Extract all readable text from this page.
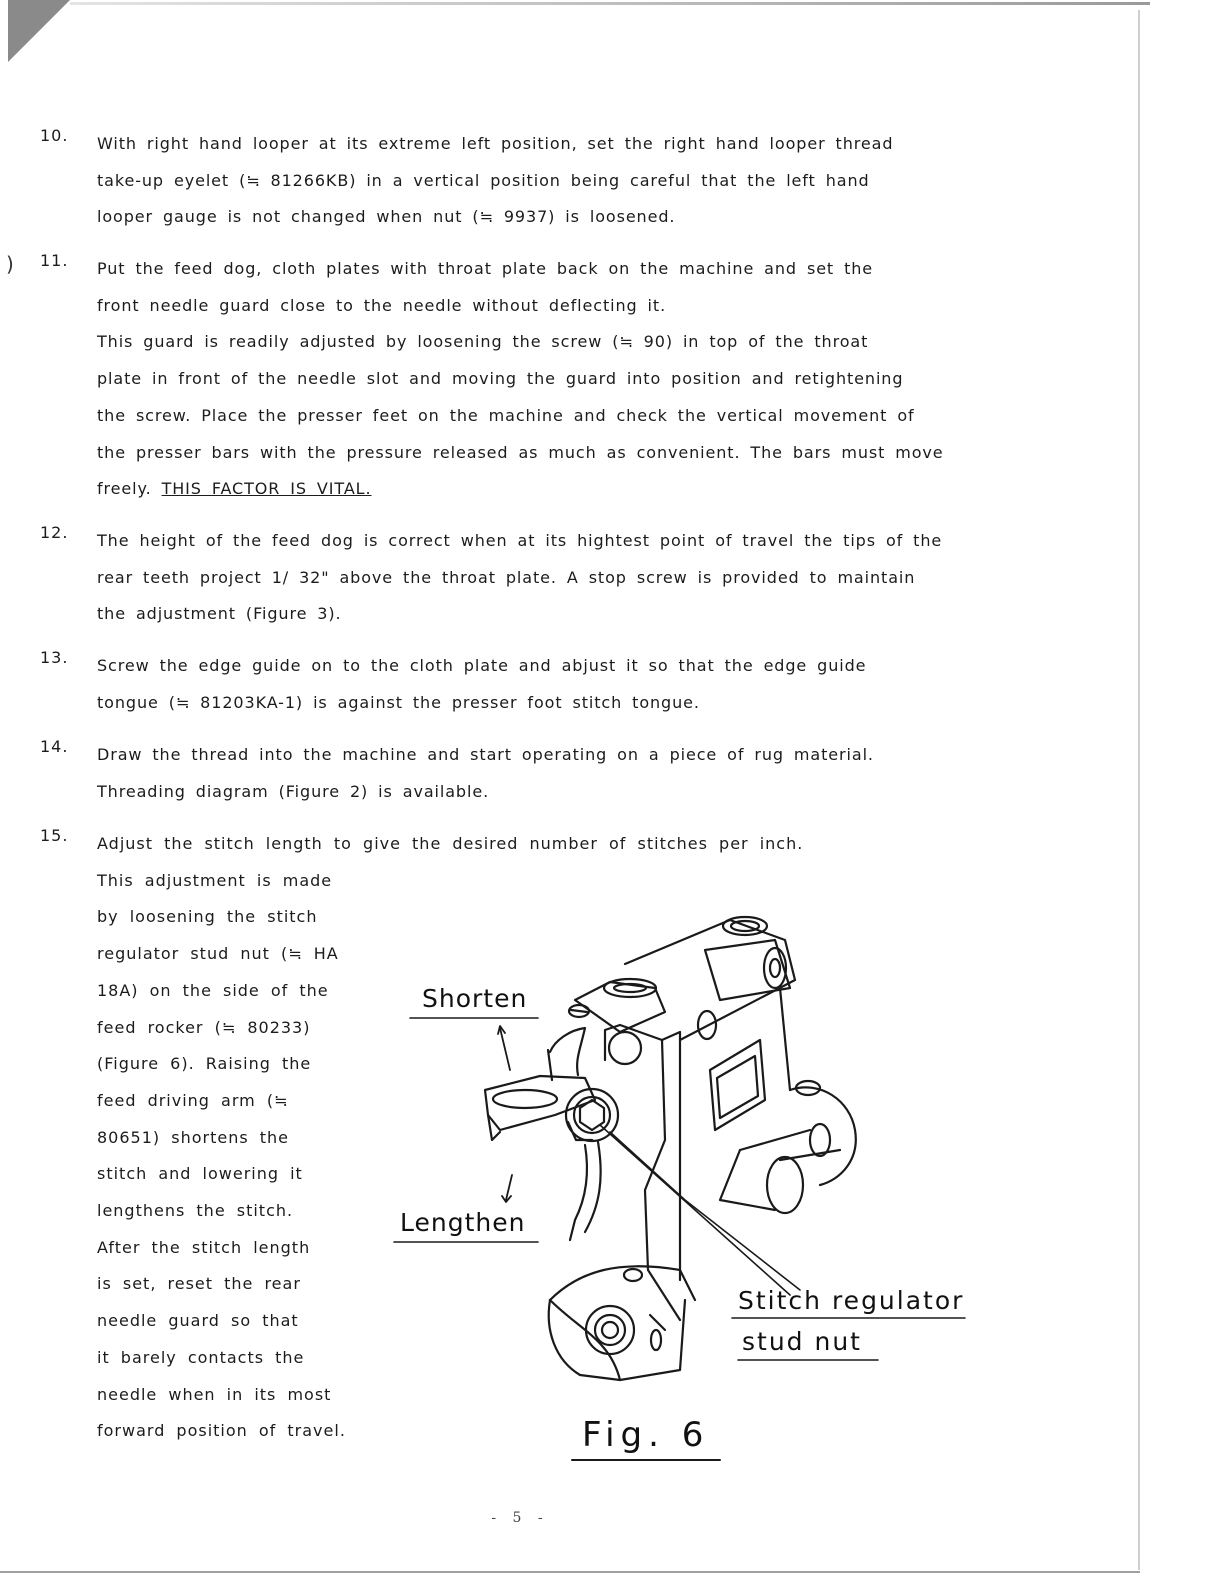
)
10.	With right hand looper at its extreme left position, set the right hand looper thread
take-up eyelet (≒ 81266KB) in a vertical position being careful that the left hand
looper gauge is not changed when nut (≒ 9937) is loosened.
11.	Put the feed dog, cloth plates with throat plate back on the machine and set the
front needle guard close to the needle without deflecting it.
This guard is readily adjusted by loosening the screw (≒ 90) in top of the throat
plate in front of the needle slot and moving the guard into position and retightening
the screw. Place the presser feet on the machine and check the vertical movement of
the presser bars with the pressure released as much as convenient. The bars must move
freely. THIS FACTOR IS VITAL.
12.	The height of the feed dog is correct when at its hightest point of travel the tips of the
rear teeth project 1∕ 32" above the throat plate. A stop screw is provided to maintain
the adjustment (Figure 3).
13.	Screw the edge guide on to the cloth plate and abjust it so that the edge guide
tongue (≒ 81203KA-1) is against the presser foot stitch tongue.
14.	Draw the thread into the machine and start operating on a piece of rug material.
Threading diagram (Figure 2) is available.
15.	Adjust the stitch length to give the desired number of stitches per inch.
This adjustment is made
by loosening the stitch
regulator stud nut (≒ HA
18A) on the side of the
feed rocker (≒ 80233)
(Figure 6). Raising the
feed driving arm (≒
80651) shortens the
stitch and lowering it
lengthens the stitch.
After the stitch length
is set, reset the rear
needle guard so that
it barely contacts the
needle when in its most
forward position of travel.
Shorten
Lengthen
Stitch regulator
stud nut
Fig. 6
- 5 -
